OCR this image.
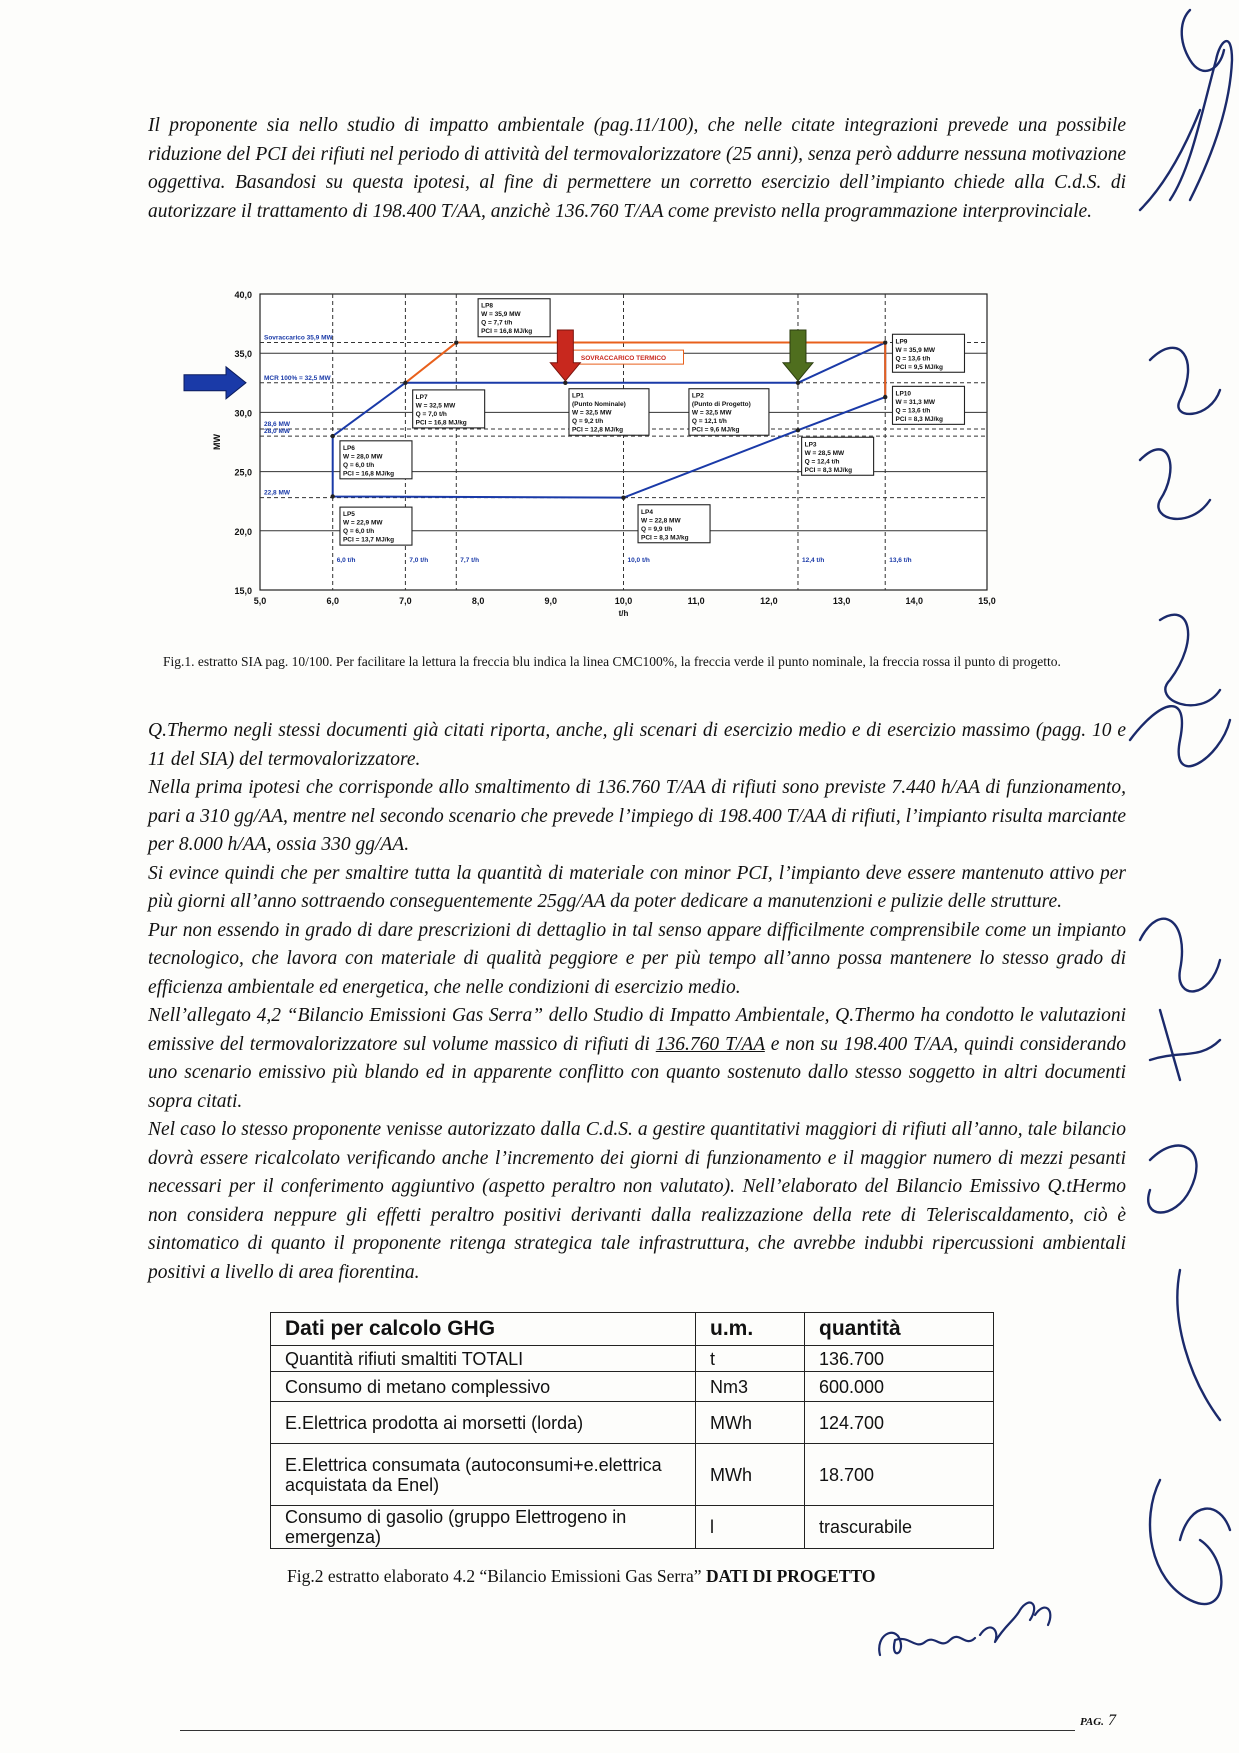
Il proponente sia nello studio di impatto ambientale (pag.11/100), che nelle citate integrazioni prevede una possibile riduzione del PCI dei rifiuti nel periodo di attività del termovalorizzatore (25 anni), senza però addurre nessuna motivazione oggettiva. Basandosi su questa ipotesi, al fine di permettere un corretto esercizio dell’impianto chiede alla C.d.S. di autorizzare il trattamento di 198.400 T/AA, anzichè 136.760 T/AA come previsto nella programmazione interprovinciale.

15,0
20,0
25,0
30,0
35,0
40,0
5,0	6,0	7,0	8,0	9,0	10,0	11,0	12,0	13,0	14,0	15,0
MW
t/h
Sovraccarico 35,9 MW
MCR 100% = 32,5 MW
28,6 MW
28,0 MW
22,8 MW
6,0 t/h	7,0 t/h	7,7 t/h	10,0 t/h	12,4 t/h	13,6 t/h
SOVRACCARICO TERMICO
LP1
(Punto Nominale)
W = 32,5 MW
Q = 9,2 t/h
PCI = 12,8 MJ/kg
LP2
(Punto di Progetto)
W = 32,5 MW
Q = 12,1 t/h
PCI = 9,6 MJ/kg
LP3
W = 28,5 MW
Q = 12,4 t/h
PCI = 8,3 MJ/kg
LP4
W = 22,8 MW
Q = 9,9 t/h
PCI = 8,3 MJ/kg
LP5
W = 22,9 MW
Q = 6,0 t/h
PCI = 13,7 MJ/kg
LP6
W = 28,0 MW
Q = 6,0 t/h
PCI = 16,8 MJ/kg
LP7
W = 32,5 MW
Q = 7,0 t/h
PCI = 16,8 MJ/kg
LP8
W = 35,9 MW
Q = 7,7 t/h
PCI = 16,8 MJ/kg
LP9
W = 35,9 MW
Q = 13,6 t/h
PCI = 9,5 MJ/kg
LP10
W = 31,3 MW
Q = 13,6 t/h
PCI = 8,3 MJ/kg
Fig.1. estratto SIA pag. 10/100. Per facilitare la lettura la freccia blu indica la linea CMC100%, la freccia verde il punto nominale, la freccia rossa il punto di progetto.

Q.Thermo negli stessi documenti già citati riporta, anche, gli scenari di esercizio medio e di esercizio massimo (pagg. 10 e 11 del SIA) del termovalorizzatore.

Nella prima ipotesi che corrisponde allo smaltimento di 136.760 T/AA di rifiuti sono previste 7.440 h/AA di funzionamento, pari a 310 gg/AA, mentre nel secondo scenario che prevede l’impiego di 198.400 T/AA di rifiuti, l’impianto risulta marciante per 8.000 h/AA, ossia 330 gg/AA.

Si evince quindi che per smaltire tutta la quantità di materiale con minor PCI, l’impianto deve essere mantenuto attivo per più giorni all’anno sottraendo conseguentemente 25gg/AA da poter dedicare a manutenzioni e pulizie delle strutture.

Pur non essendo in grado di dare prescrizioni di dettaglio in tal senso appare difficilmente comprensibile come un impianto tecnologico, che lavora con materiale di qualità peggiore e per più tempo all’anno possa mantenere lo stesso grado di efficienza ambientale ed energetica, che nelle condizioni di esercizio medio.

Nell’allegato 4,2 “Bilancio Emissioni Gas Serra” dello Studio di Impatto Ambientale, Q.Thermo ha condotto le valutazioni emissive del termovalorizzatore sul volume massico di rifiuti di 136.760 T/AA e non su 198.400 T/AA, quindi considerando uno scenario emissivo più blando ed in apparente conflitto con quanto sostenuto dallo stesso soggetto in altri documenti sopra citati.

Nel caso lo stesso proponente venisse autorizzato dalla C.d.S. a gestire quantitativi maggiori di rifiuti all’anno, tale bilancio dovrà essere ricalcolato verificando anche l’incremento dei giorni di funzionamento e il maggior numero di mezzi pesanti necessari per il conferimento aggiuntivo (aspetto peraltro non valutato). Nell’elaborato del Bilancio Emissivo Q.tHermo non considera neppure gli effetti peraltro positivi derivanti dalla realizzazione della rete di Teleriscaldamento, ciò è sintomatico di quanto il proponente ritenga strategica tale infrastruttura, che avrebbe indubbi ripercussioni ambientali positivi a livello di area fiorentina.

Dati per calcolo GHG	u.m.	quantità
Quantità rifiuti smaltiti TOTALI	t	136.700
Consumo di metano complessivo	Nm3	600.000
E.Elettrica prodotta ai morsetti (lorda)	MWh	124.700
E.Elettrica consumata (autoconsumi+e.elettrica acquistata da Enel)	MWh	18.700
Consumo di gasolio (gruppo Elettrogeno in emergenza)	l	trascurabile
Fig.2 estratto elaborato 4.2 “Bilancio Emissioni Gas Serra” DATI DI PROGETTO
PAG. 7
